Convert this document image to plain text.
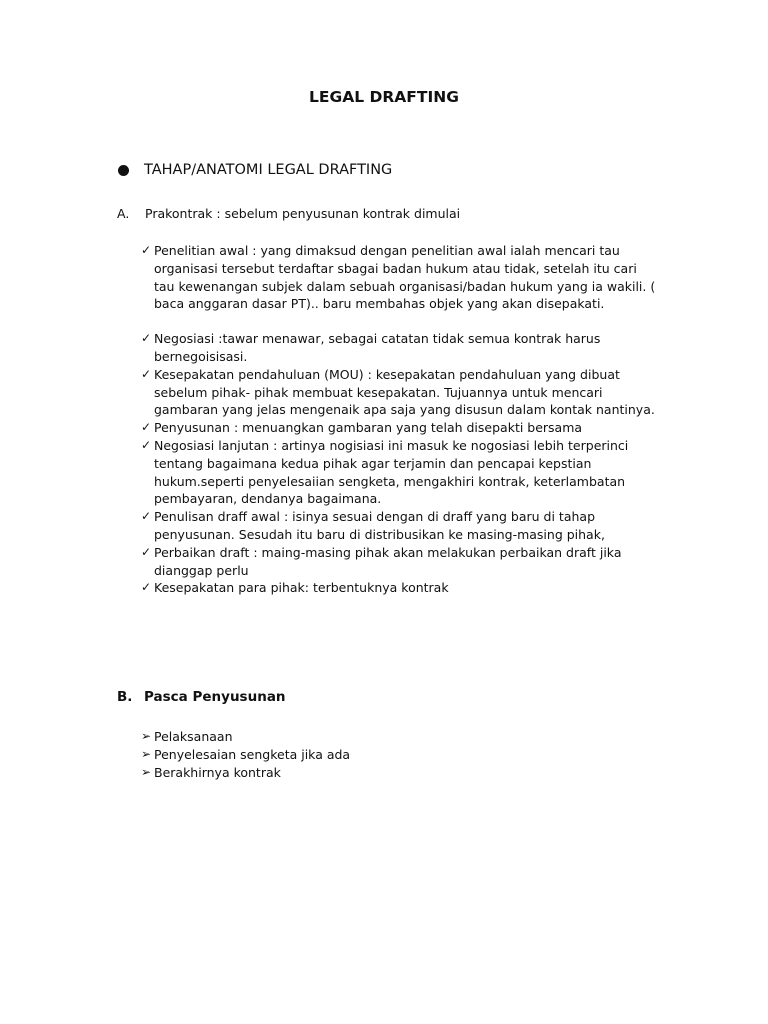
LEGAL DRAFTING
TAHAP/ANATOMI LEGAL DRAFTING
A.	Prakontrak : sebelum penyusunan kontrak dimulai
✓ Penelitian awal : yang dimaksud dengan penelitian awal ialah mencari tau organisasi tersebut terdaftar sbagai badan hukum atau tidak, setelah itu cari tau kewenangan subjek dalam sebuah organisasi/badan hukum yang ia wakili. ( baca anggaran dasar PT).. baru membahas objek yang akan disepakati.
✓ Negosiasi :tawar menawar, sebagai catatan tidak semua kontrak harus bernegoisisasi.
✓ Kesepakatan pendahuluan (MOU) : kesepakatan pendahuluan yang dibuat sebelum pihak- pihak membuat kesepakatan. Tujuannya untuk mencari gambaran yang jelas mengenaik apa saja yang disusun dalam kontak nantinya.
✓ Penyusunan : menuangkan gambaran yang telah disepakti bersama
✓ Negosiasi lanjutan : artinya nogisiasi ini masuk ke nogosiasi lebih terperinci tentang bagaimana kedua pihak agar terjamin dan pencapai kepstian hukum.seperti penyelesaiian sengketa, mengakhiri kontrak, keterlambatan pembayaran, dendanya bagaimana.
✓ Penulisan draff awal : isinya sesuai dengan di draff yang baru di tahap penyusunan. Sesudah itu baru di distribusikan ke masing-masing pihak,
✓ Perbaikan draft : maing-masing pihak akan melakukan perbaikan draft jika dianggap perlu
✓ Kesepakatan para pihak: terbentuknya kontrak
B. Pasca Penyusunan
➢ Pelaksanaan
➢ Penyelesaian sengketa jika ada
➢ Berakhirnya kontrak
